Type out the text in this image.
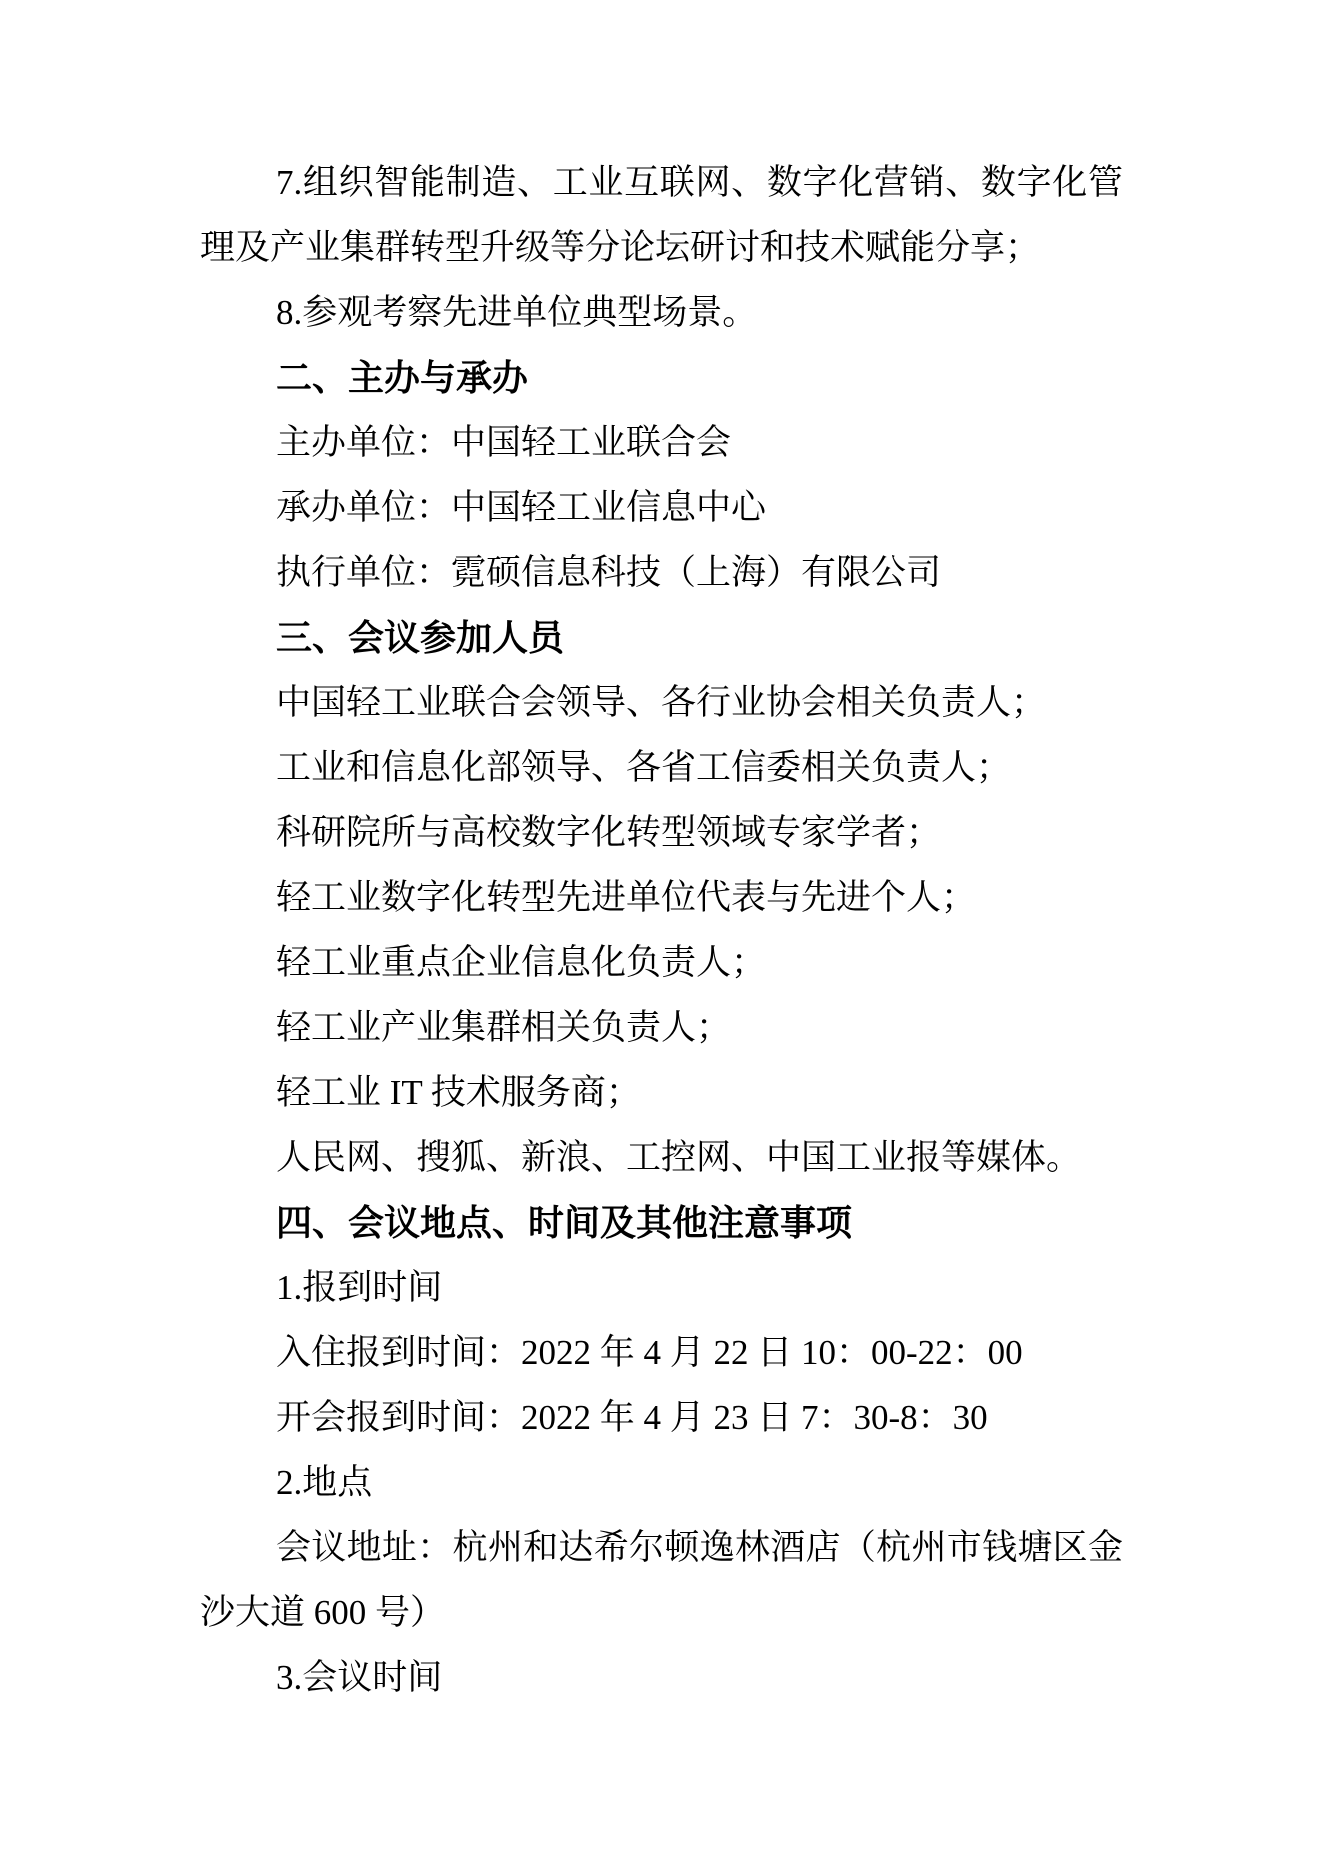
7.组织智能制造、工业互联网、数字化营销、数字化管
理及产业集群转型升级等分论坛研讨和技术赋能分享；
8.参观考察先进单位典型场景。
二、主办与承办
主办单位：中国轻工业联合会
承办单位：中国轻工业信息中心
执行单位：霓硕信息科技（上海）有限公司
三、会议参加人员
中国轻工业联合会领导、各行业协会相关负责人；
工业和信息化部领导、各省工信委相关负责人；
科研院所与高校数字化转型领域专家学者；
轻工业数字化转型先进单位代表与先进个人；
轻工业重点企业信息化负责人；
轻工业产业集群相关负责人；
轻工业 IT 技术服务商；
人民网、搜狐、新浪、工控网、中国工业报等媒体。
四、会议地点、时间及其他注意事项
1.报到时间
入住报到时间：2022 年 4 月 22 日 10：00-22：00
开会报到时间：2022 年 4 月 23 日 7：30-8：30
2.地点
会议地址：杭州和达希尔顿逸林酒店（杭州市钱塘区金
沙大道 600 号）
3.会议时间
